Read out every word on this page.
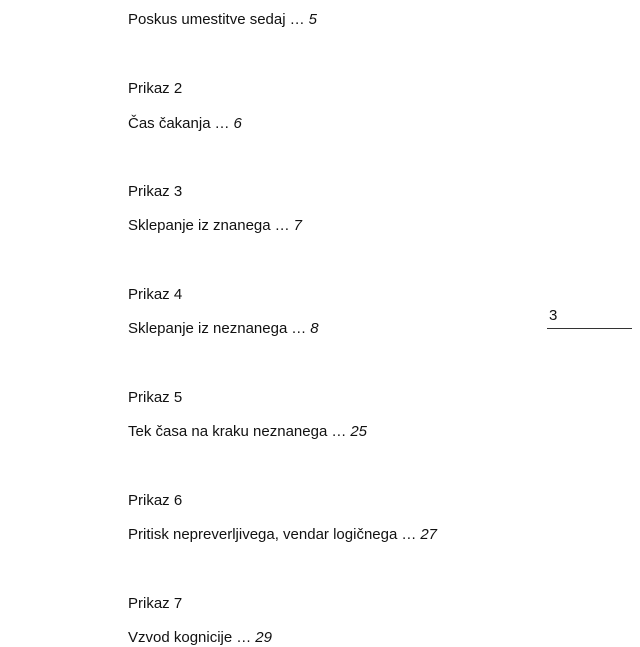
Poskus umestitve sedaj … 5
Prikaz 2
Čas čakanja … 6
Prikaz 3
Sklepanje iz znanega … 7
Prikaz 4
Sklepanje iz neznanega … 8
Prikaz 5
Tek časa na kraku neznanega … 25
Prikaz 6
Pritisk nepreverljivega, vendar logičnega … 27
Prikaz 7
Vzvod kognicije … 29
3
